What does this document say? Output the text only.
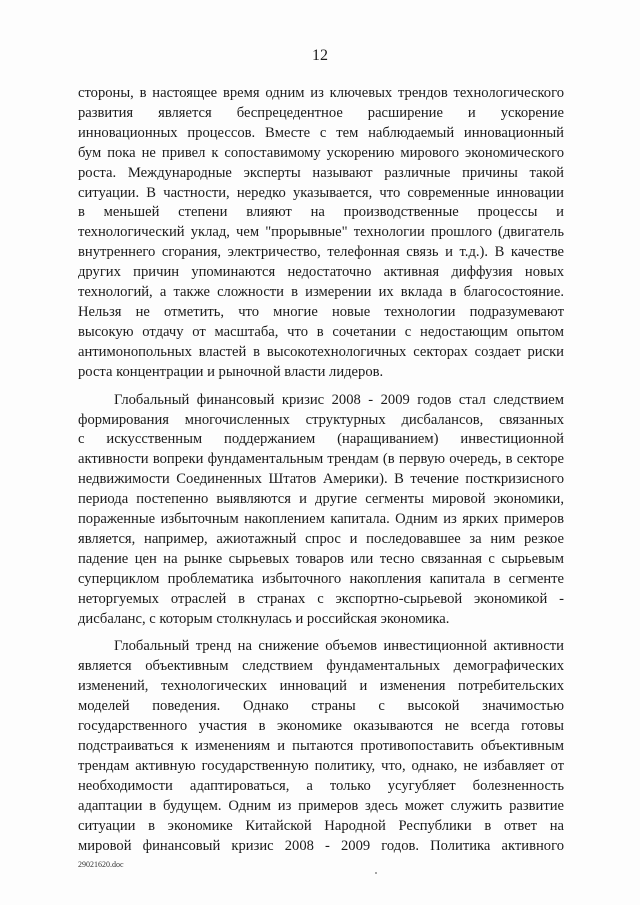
12

стороны, в настоящее время одним из ключевых трендов технологического
развития является беспрецедентное расширение и ускорение
инновационных процессов. Вместе с тем наблюдаемый инновационный
бум пока не привел к сопоставимому ускорению мирового экономического
роста. Международные эксперты называют различные причины такой
ситуации. В частности, нередко указывается, что современные инновации
в меньшей степени влияют на производственные процессы и
технологический уклад, чем "прорывные" технологии прошлого (двигатель
внутреннего сгорания, электричество, телефонная связь и т.д.). В качестве
других причин упоминаются недостаточно активная диффузия новых
технологий, а также сложности в измерении их вклада в благосостояние.
Нельзя не отметить, что многие новые технологии подразумевают
высокую отдачу от масштаба, что в сочетании с недостающим опытом
антимонопольных властей в высокотехнологичных секторах создает риски
роста концентрации и рыночной власти лидеров.

Глобальный финансовый кризис 2008 - 2009 годов стал следствием
формирования многочисленных структурных дисбалансов, связанных
с искусственным поддержанием (наращиванием) инвестиционной
активности вопреки фундаментальным трендам (в первую очередь, в секторе
недвижимости Соединенных Штатов Америки). В течение посткризисного
периода постепенно выявляются и другие сегменты мировой экономики,
пораженные избыточным накоплением капитала. Одним из ярких примеров
является, например, ажиотажный спрос и последовавшее за ним резкое
падение цен на рынке сырьевых товаров или тесно связанная с сырьевым
суперциклом проблематика избыточного накопления капитала в сегменте
неторгуемых отраслей в странах с экспортно-сырьевой экономикой -
дисбаланс, с которым столкнулась и российская экономика.

Глобальный тренд на снижение объемов инвестиционной активности
является объективным следствием фундаментальных демографических
изменений, технологических инноваций и изменения потребительских
моделей поведения. Однако страны с высокой значимостью
государственного участия в экономике оказываются не всегда готовы
подстраиваться к изменениям и пытаются противопоставить объективным
трендам активную государственную политику, что, однако, не избавляет от
необходимости адаптироваться, а только усугубляет болезненность
адаптации в будущем. Одним из примеров здесь может служить развитие
ситуации в экономике Китайской Народной Республики в ответ на
мировой финансовый кризис 2008 - 2009 годов. Политика активного

29021620.doc
